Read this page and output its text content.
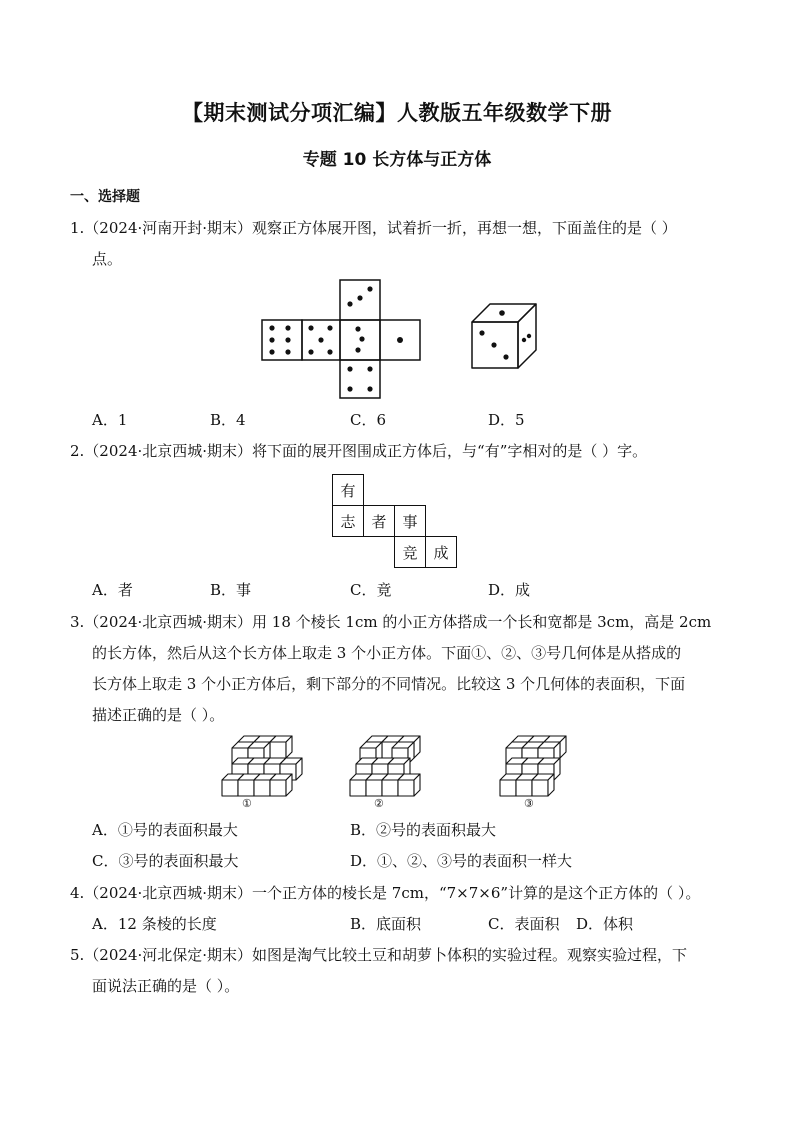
【期末测试分项汇编】人教版五年级数学下册
专题 10 长方体与正方体
一、选择题
1.（2024·河南开封·期末）观察正方体展开图，试着折一折，再想一想，下面盖住的是（ ）
点。
A．1	B．4	C．6	D．5
2.（2024·北京西城·期末）将下面的展开图围成正方体后，与“有”字相对的是（ ）字。
有
志	者	事
竞	成
A．者	B．事	C．竟	D．成
3.（2024·北京西城·期末）用 18 个棱长 1cm 的小正方体搭成一个长和宽都是 3cm，高是 2cm
的长方体，然后从这个长方体上取走 3 个小正方体。下面①、②、③号几何体是从搭成的
长方体上取走 3 个小正方体后，剩下部分的不同情况。比较这 3 个几何体的表面积，下面
描述正确的是（ ）。
①	②	③
A．①号的表面积最大	B．②号的表面积最大
C．③号的表面积最大	D．①、②、③号的表面积一样大
4.（2024·北京西城·期末）一个正方体的棱长是 7cm，“7×7×6”计算的是这个正方体的（ ）。
A．12 条棱的长度	B．底面积	C．表面积 D．体积
5.（2024·河北保定·期末）如图是淘气比较土豆和胡萝卜体积的实验过程。观察实验过程，下
面说法正确的是（ ）。
